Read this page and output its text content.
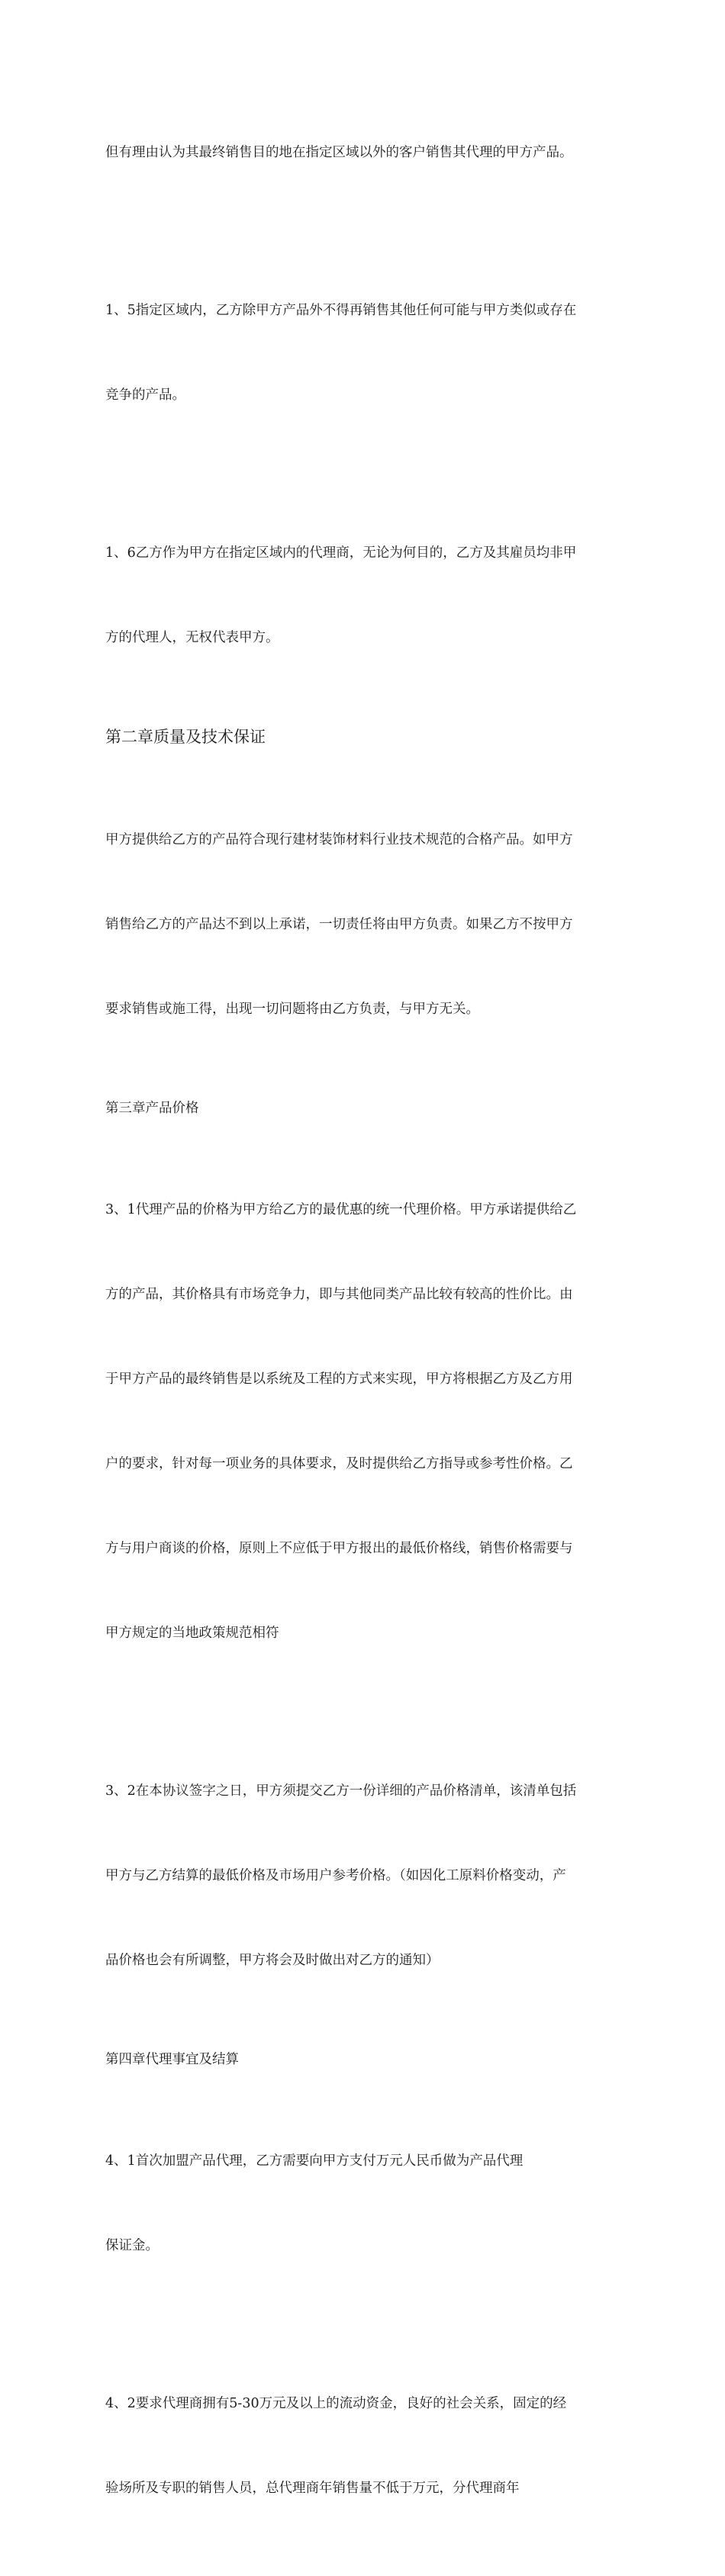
但有理由认为其最终销售目的地在指定区域以外的客户销售其代理的甲方产品。

1、5指定区域内，乙方除甲方产品外不得再销售其他任何可能与甲方类似或存在

竞争的产品。

1、6乙方作为甲方在指定区域内的代理商，无论为何目的，乙方及其雇员均非甲

方的代理人，无权代表甲方。

第二章质量及技术保证

甲方提供给乙方的产品符合现行建材装饰材料行业技术规范的合格产品。如甲方

销售给乙方的产品达不到以上承诺，一切责任将由甲方负责。如果乙方不按甲方

要求销售或施工得，出现一切问题将由乙方负责，与甲方无关。

第三章产品价格

3、1代理产品的价格为甲方给乙方的最优惠的统一代理价格。甲方承诺提供给乙

方的产品，其价格具有市场竞争力，即与其他同类产品比较有较高的性价比。由

于甲方产品的最终销售是以系统及工程的方式来实现，甲方将根据乙方及乙方用

户的要求，针对每一项业务的具体要求，及时提供给乙方指导或参考性价格。乙

方与用户商谈的价格，原则上不应低于甲方报出的最低价格线，销售价格需要与

甲方规定的当地政策规范相符

3、2在本协议签字之日，甲方须提交乙方一份详细的产品价格清单，该清单包括

甲方与乙方结算的最低价格及市场用户参考价格。（如因化工原料价格变动，产

品价格也会有所调整，甲方将会及时做出对乙方的通知）

第四章代理事宜及结算

4、1首次加盟产品代理，乙方需要向甲方支付万元人民币做为产品代理

保证金。

4、2要求代理商拥有5-30万元及以上的流动资金，良好的社会关系，固定的经

验场所及专职的销售人员，总代理商年销售量不低于万元，分代理商年
